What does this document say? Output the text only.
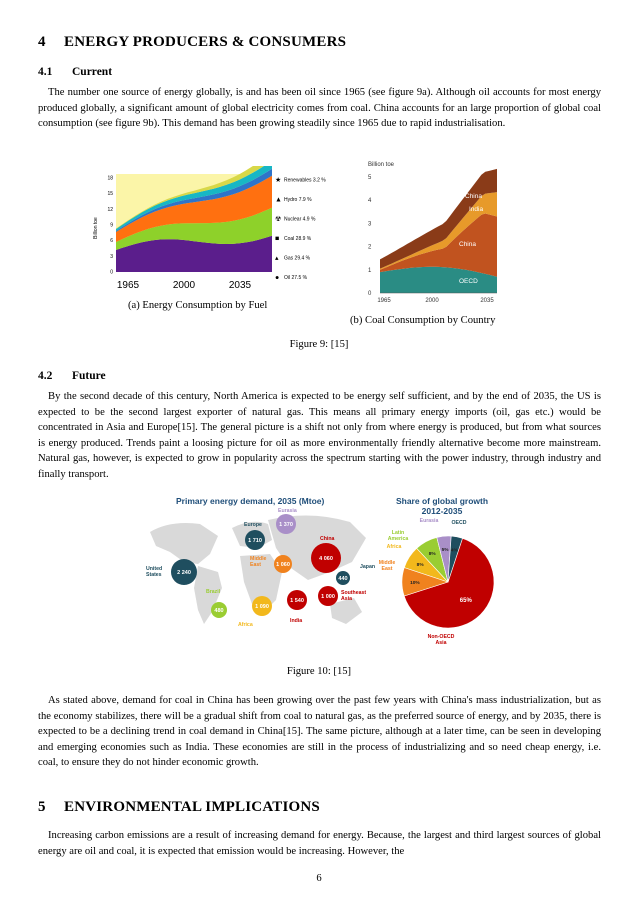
4 ENERGY PRODUCERS & CONSUMERS
4.1 Current
The number one source of energy globally, is and has been oil since 1965 (see figure 9a). Although oil accounts for most energy produced globally, a significant amount of global electricity comes from coal. China accounts for an large proportion of global coal consumption (see figure 9b). This demand has been growing steadily since 1965 due to rapid industrialisation.
Billion toe
18
15
12
9
6
3
0
1965	2000	2035
★ Renewables 3.2 %
▲ Hydro 7.9 %
☢ Nuclear 4.9 %
■ Coal 28.9 %
▴ Gas 29.4 %
● Oil 27.5 %
(a) Energy Consumption by Fuel
Billion toe
5
4
3
2
1
0
1965	2000	2035
China
India
China
OECD
(b) Coal Consumption by Country
Figure 9: [15]
4.2 Future
By the second decade of this century, North America is expected to be energy self sufficient, and by the end of 2035, the US is expected to be the second largest exporter of natural gas. This means all primary energy imports (oil, gas etc.) would be concentrated in Asia and Europe[15]. The general picture is a shift not only from where energy is produced, but from what sources is energy produced. Trends paint a loosing picture for oil as more environmentally friendly alternative become more mainstream. Natural gas, however, is expected to grow in popularity across the spectrum starting with the power industry, through industry and finally transport.
Primary energy demand, 2035 (Mtoe)
2 240
United
States
1 710
Europe	1 370
Eurasia
4 060
China
440
Japan
1 060
Middle
East
1 540
India
1 000
Southeast
Asia
480
Brazil
1 090
Africa
Share of global growth
2012-2035
65%
Non-OECD
Asia
10%
Middle
East
8%
Africa
8%
Latin
America
5%
Eurasia
4%
OECD
Figure 10: [15]
As stated above, demand for coal in China has been growing over the past few years with China's mass industrialization, but as the economy stabilizes, there will be a gradual shift from coal to natural gas, as the preferred source of energy, and by 2035, there is expected to be a declining trend in coal demand in China[15]. The same picture, although at a later time, can be seen in developing and emerging economies such as India. These economies are still in the process of industrializing and so need cheap energy, i.e. coal, to ensure they do not hinder economic growth.
5 ENVIRONMENTAL IMPLICATIONS
Increasing carbon emissions are a result of increasing demand for energy. Because, the largest and third largest sources of global energy are oil and coal, it is expected that emission would be increasing. However, the
6
